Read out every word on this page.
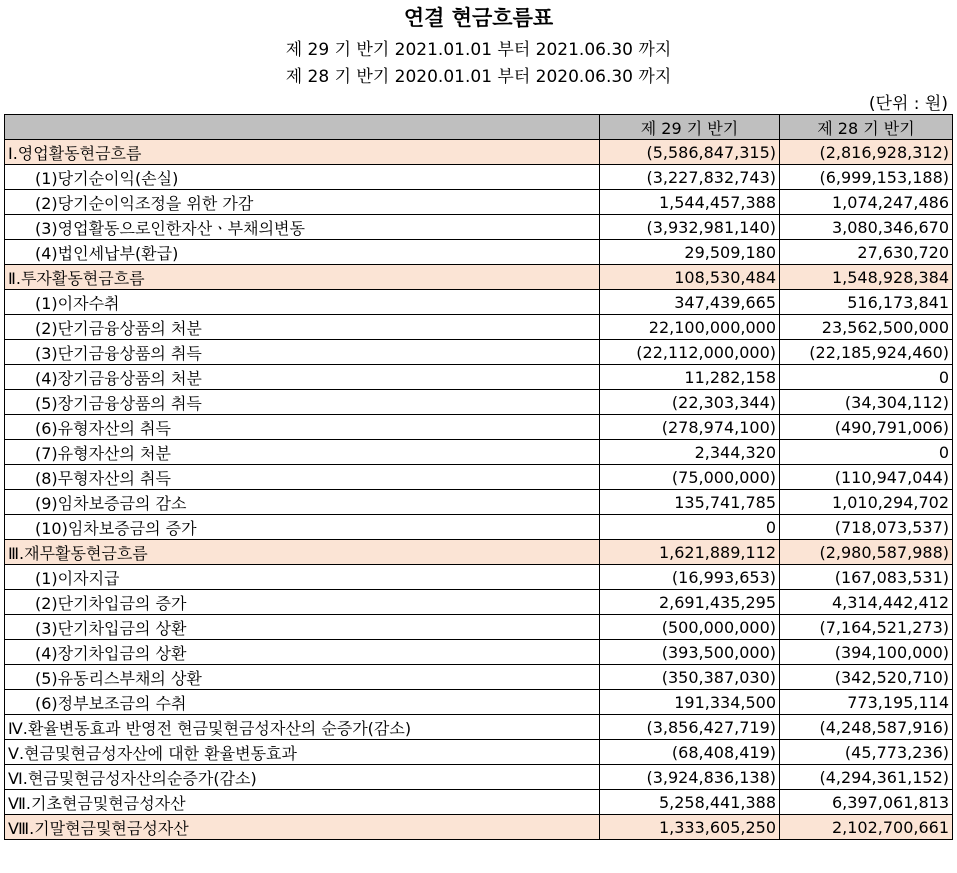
연결 현금흐름표
제 29 기 반기 2021.01.01 부터 2021.06.30 까지
제 28 기 반기 2020.01.01 부터 2020.06.30 까지
(단위 : 원)
	제 29 기 반기	제 28 기 반기
Ⅰ.영업활동현금흐름	(5,586,847,315)	(2,816,928,312)
(1)당기순이익(손실)	(3,227,832,743)	(6,999,153,188)
(2)당기순이익조정을 위한 가감	1,544,457,388	1,074,247,486
(3)영업활동으로인한자산ㆍ부채의변동	(3,932,981,140)	3,080,346,670
(4)법인세납부(환급)	29,509,180	27,630,720
Ⅱ.투자활동현금흐름	108,530,484	1,548,928,384
(1)이자수취	347,439,665	516,173,841
(2)단기금융상품의 처분	22,100,000,000	23,562,500,000
(3)단기금융상품의 취득	(22,112,000,000)	(22,185,924,460)
(4)장기금융상품의 처분	11,282,158	0
(5)장기금융상품의 취득	(22,303,344)	(34,304,112)
(6)유형자산의 취득	(278,974,100)	(490,791,006)
(7)유형자산의 처분	2,344,320	0
(8)무형자산의 취득	(75,000,000)	(110,947,044)
(9)임차보증금의 감소	135,741,785	1,010,294,702
(10)임차보증금의 증가	0	(718,073,537)
Ⅲ.재무활동현금흐름	1,621,889,112	(2,980,587,988)
(1)이자지급	(16,993,653)	(167,083,531)
(2)단기차입금의 증가	2,691,435,295	4,314,442,412
(3)단기차입금의 상환	(500,000,000)	(7,164,521,273)
(4)장기차입금의 상환	(393,500,000)	(394,100,000)
(5)유동리스부채의 상환	(350,387,030)	(342,520,710)
(6)정부보조금의 수취	191,334,500	773,195,114
Ⅳ.환율변동효과 반영전 현금및현금성자산의 순증가(감소)	(3,856,427,719)	(4,248,587,916)
Ⅴ.현금및현금성자산에 대한 환율변동효과	(68,408,419)	(45,773,236)
Ⅵ.현금및현금성자산의순증가(감소)	(3,924,836,138)	(4,294,361,152)
Ⅶ.기초현금및현금성자산	5,258,441,388	6,397,061,813
Ⅷ.기말현금및현금성자산	1,333,605,250	2,102,700,661
